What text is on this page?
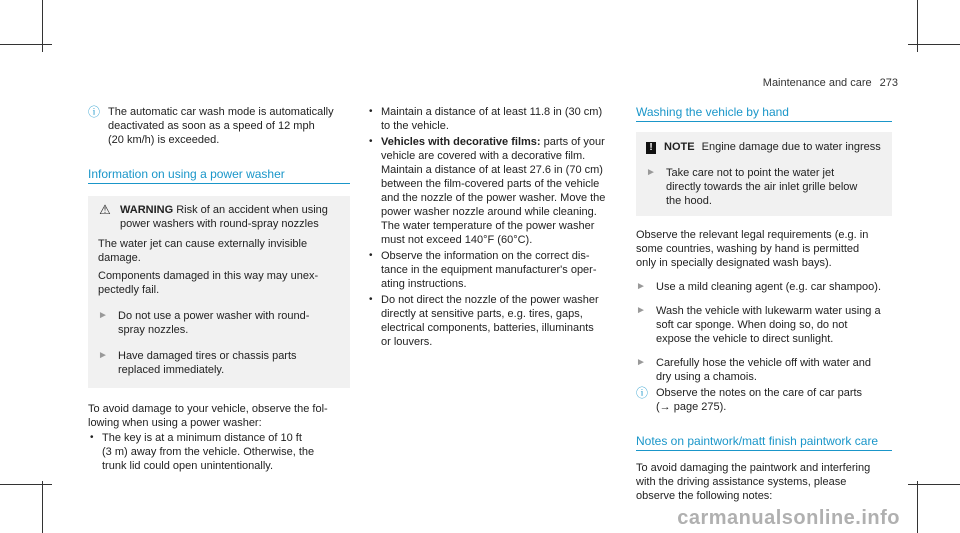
Maintenance and care 273
ⓘ The automatic car wash mode is automatically
deactivated as soon as a speed of 12 mph
(20 km/h) is exceeded.
Information on using a power washer
⚠ WARNING Risk of an accident when using
power washers with round-spray nozzles
The water jet can cause externally invisible
damage.
Components damaged in this way may unex-
pectedly fail.
► Do not use a power washer with round-
spray nozzles.
► Have damaged tires or chassis parts
replaced immediately.
To avoid damage to your vehicle, observe the fol-
lowing when using a power washer:
• The key is at a minimum distance of 10 ft
(3 m) away from the vehicle. Otherwise, the
trunk lid could open unintentionally.
• Maintain a distance of at least 11.8 in (30 cm)
to the vehicle.
• Vehicles with decorative films: parts of your
vehicle are covered with a decorative film.
Maintain a distance of at least 27.6 in (70 cm)
between the film-covered parts of the vehicle
and the nozzle of the power washer. Move the
power washer nozzle around while cleaning.
The water temperature of the power washer
must not exceed 140°F (60°C).
• Observe the information on the correct dis-
tance in the equipment manufacturer's oper-
ating instructions.
• Do not direct the nozzle of the power washer
directly at sensitive parts, e.g. tires, gaps,
electrical components, batteries, illuminants
or louvers.
Washing the vehicle by hand
! NOTE Engine damage due to water ingress
► Take care not to point the water jet
directly towards the air inlet grille below
the hood.
Observe the relevant legal requirements (e.g. in
some countries, washing by hand is permitted
only in specially designated wash bays).
► Use a mild cleaning agent (e.g. car shampoo).
► Wash the vehicle with lukewarm water using a
soft car sponge. When doing so, do not
expose the vehicle to direct sunlight.
► Carefully hose the vehicle off with water and
dry using a chamois.
ⓘ Observe the notes on the care of car parts
(→ page 275).
Notes on paintwork/matt finish paintwork care
To avoid damaging the paintwork and interfering
with the driving assistance systems, please
observe the following notes:
carmanualsonline.info
